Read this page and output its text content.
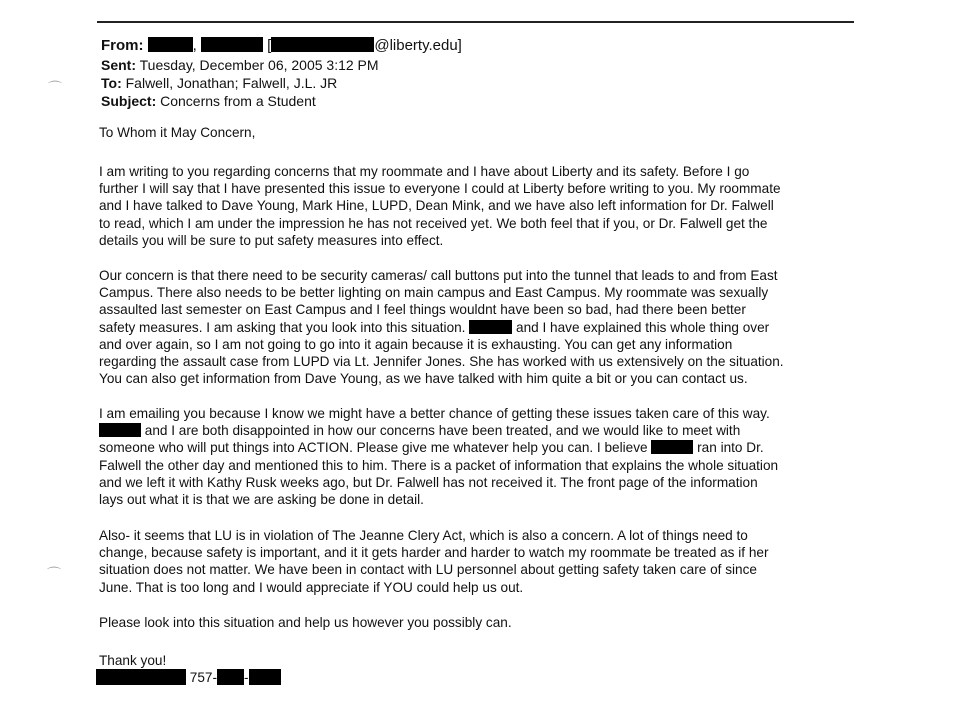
⌒
⌒
From:	,	[	@liberty.edu]
Sent: Tuesday, December 06, 2005 3:12 PM
To: Falwell, Jonathan; Falwell, J.L. JR
Subject: Concerns from a Student

To Whom it May Concern,

I am writing to you regarding concerns that my roommate and I have about Liberty and its safety. Before I go

further I will say that I have presented this issue to everyone I could at Liberty before writing to you. My roommate

and I have talked to Dave Young, Mark Hine, LUPD, Dean Mink, and we have also left information for Dr. Falwell

to read, which I am under the impression he has not received yet. We both feel that if you, or Dr. Falwell get the

details you will be sure to put safety measures into effect.

Our concern is that there need to be security cameras/ call buttons put into the tunnel that leads to and from East

Campus. There also needs to be better lighting on main campus and East Campus. My roommate was sexually

assaulted last semester on East Campus and I feel things wouldnt have been so bad, had there been better

safety measures. I am asking that you look into this situation.	and I have explained this whole thing over

and over again, so I am not going to go into it again because it is exhausting. You can get any information

regarding the assault case from LUPD via Lt. Jennifer Jones. She has worked with us extensively on the situation.

You can also get information from Dave Young, as we have talked with him quite a bit or you can contact us.

I am emailing you because I know we might have a better chance of getting these issues taken care of this way.

and I are both disappointed in how our concerns have been treated, and we would like to meet with

someone who will put things into ACTION. Please give me whatever help you can. I believe	ran into Dr.

Falwell the other day and mentioned this to him. There is a packet of information that explains the whole situation

and we left it with Kathy Rusk weeks ago, but Dr. Falwell has not received it. The front page of the information

lays out what it is that we are asking be done in detail.

Also- it seems that LU is in violation of The Jeanne Clery Act, which is also a concern. A lot of things need to

change, because safety is important, and it it gets harder and harder to watch my roommate be treated as if her

situation does not matter. We have been in contact with LU personnel about getting safety taken care of since

June. That is too long and I would appreciate if YOU could help us out.

Please look into this situation and help us however you possibly can.

Thank you!

757- -
